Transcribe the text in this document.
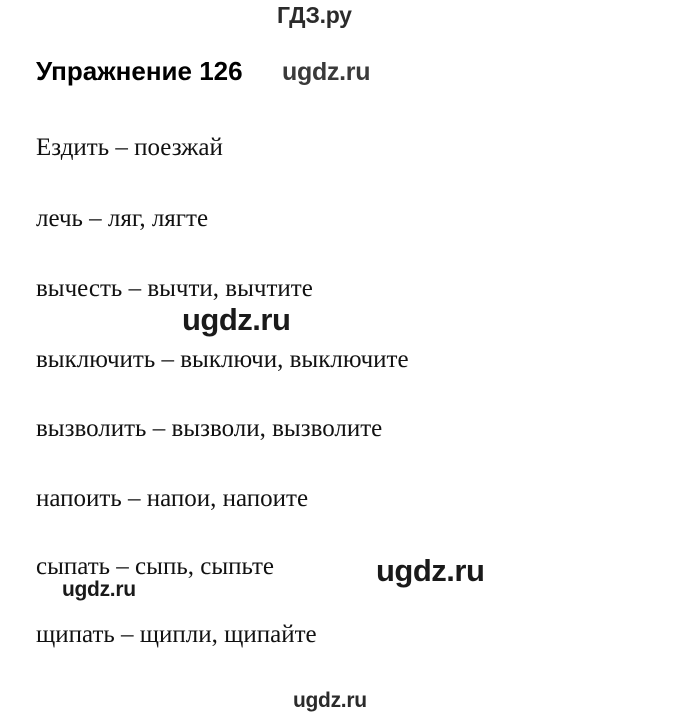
ГДЗ.ру
Упражнение 126 ugdz.ru
Ездить – поезжай
лечь – ляг, лягте
вычесть – вычти, вычтите
выключить – выключи, выключите
вызволить – вызволи, вызволите
напоить – напои, напоите
сыпать – сыпь, сыпьте
щипать – щипли, щипайте
ugdz.ru
ugdz.ru
ugdz.ru
ugdz.ru
